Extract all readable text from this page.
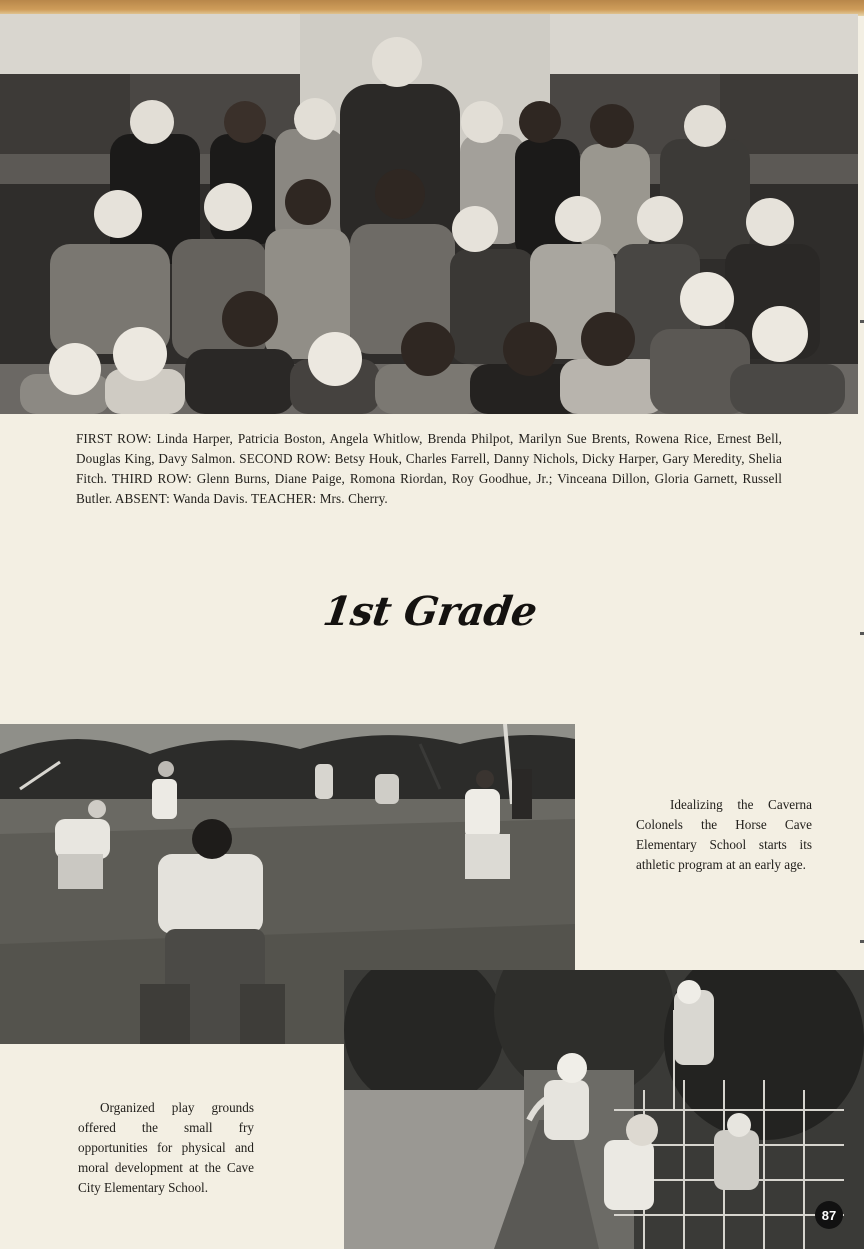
FIRST ROW: Linda Harper, Patricia Boston, Angela Whitlow, Brenda Philpot, Marilyn Sue Brents, Rowena Rice, Ernest Bell, Douglas King, Davy Salmon. SECOND ROW: Betsy Houk, Charles Farrell, Danny Nichols, Dicky Harper, Gary Meredity, Shelia Fitch. THIRD ROW: Glenn Burns, Diane Paige, Romona Riordan, Roy Goodhue, Jr.; Vinceana Dillon, Gloria Garnett, Russell Butler. ABSENT: Wanda Davis. TEACHER: Mrs. Cherry.

1st Grade

Idealizing the Caverna Colonels the Horse Cave Elementary School starts its athletic program at an early age.

Organized play grounds offered the small fry opportunities for physical and moral development at the Cave City Elementary School.

87
